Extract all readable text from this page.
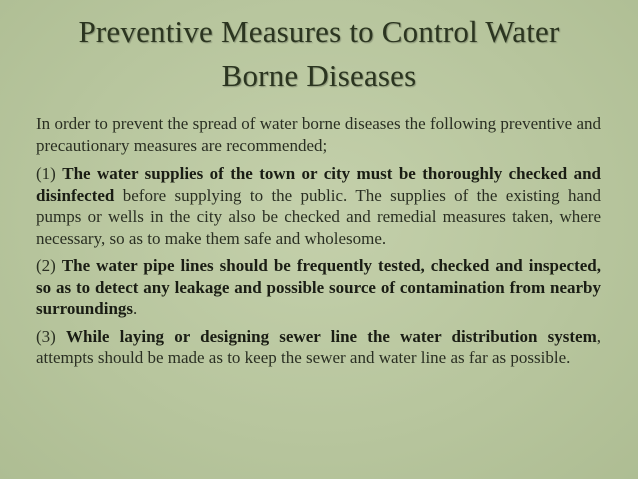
Preventive Measures to Control Water
Borne Diseases

In order to prevent the spread of water borne diseases the following preventive and precautionary measures are recommended;

(1) The water supplies of the town or city must be thoroughly checked and disinfected before supplying to the public. The supplies of the existing hand pumps or wells in the city also be checked and remedial measures taken, where necessary, so as to make them safe and wholesome.

(2) The water pipe lines should be frequently tested, checked and inspected, so as to detect any leakage and possible source of contamination from nearby surroundings.

(3) While laying or designing sewer line the water distribution system, attempts should be made as to keep the sewer and water line as far as possible.
